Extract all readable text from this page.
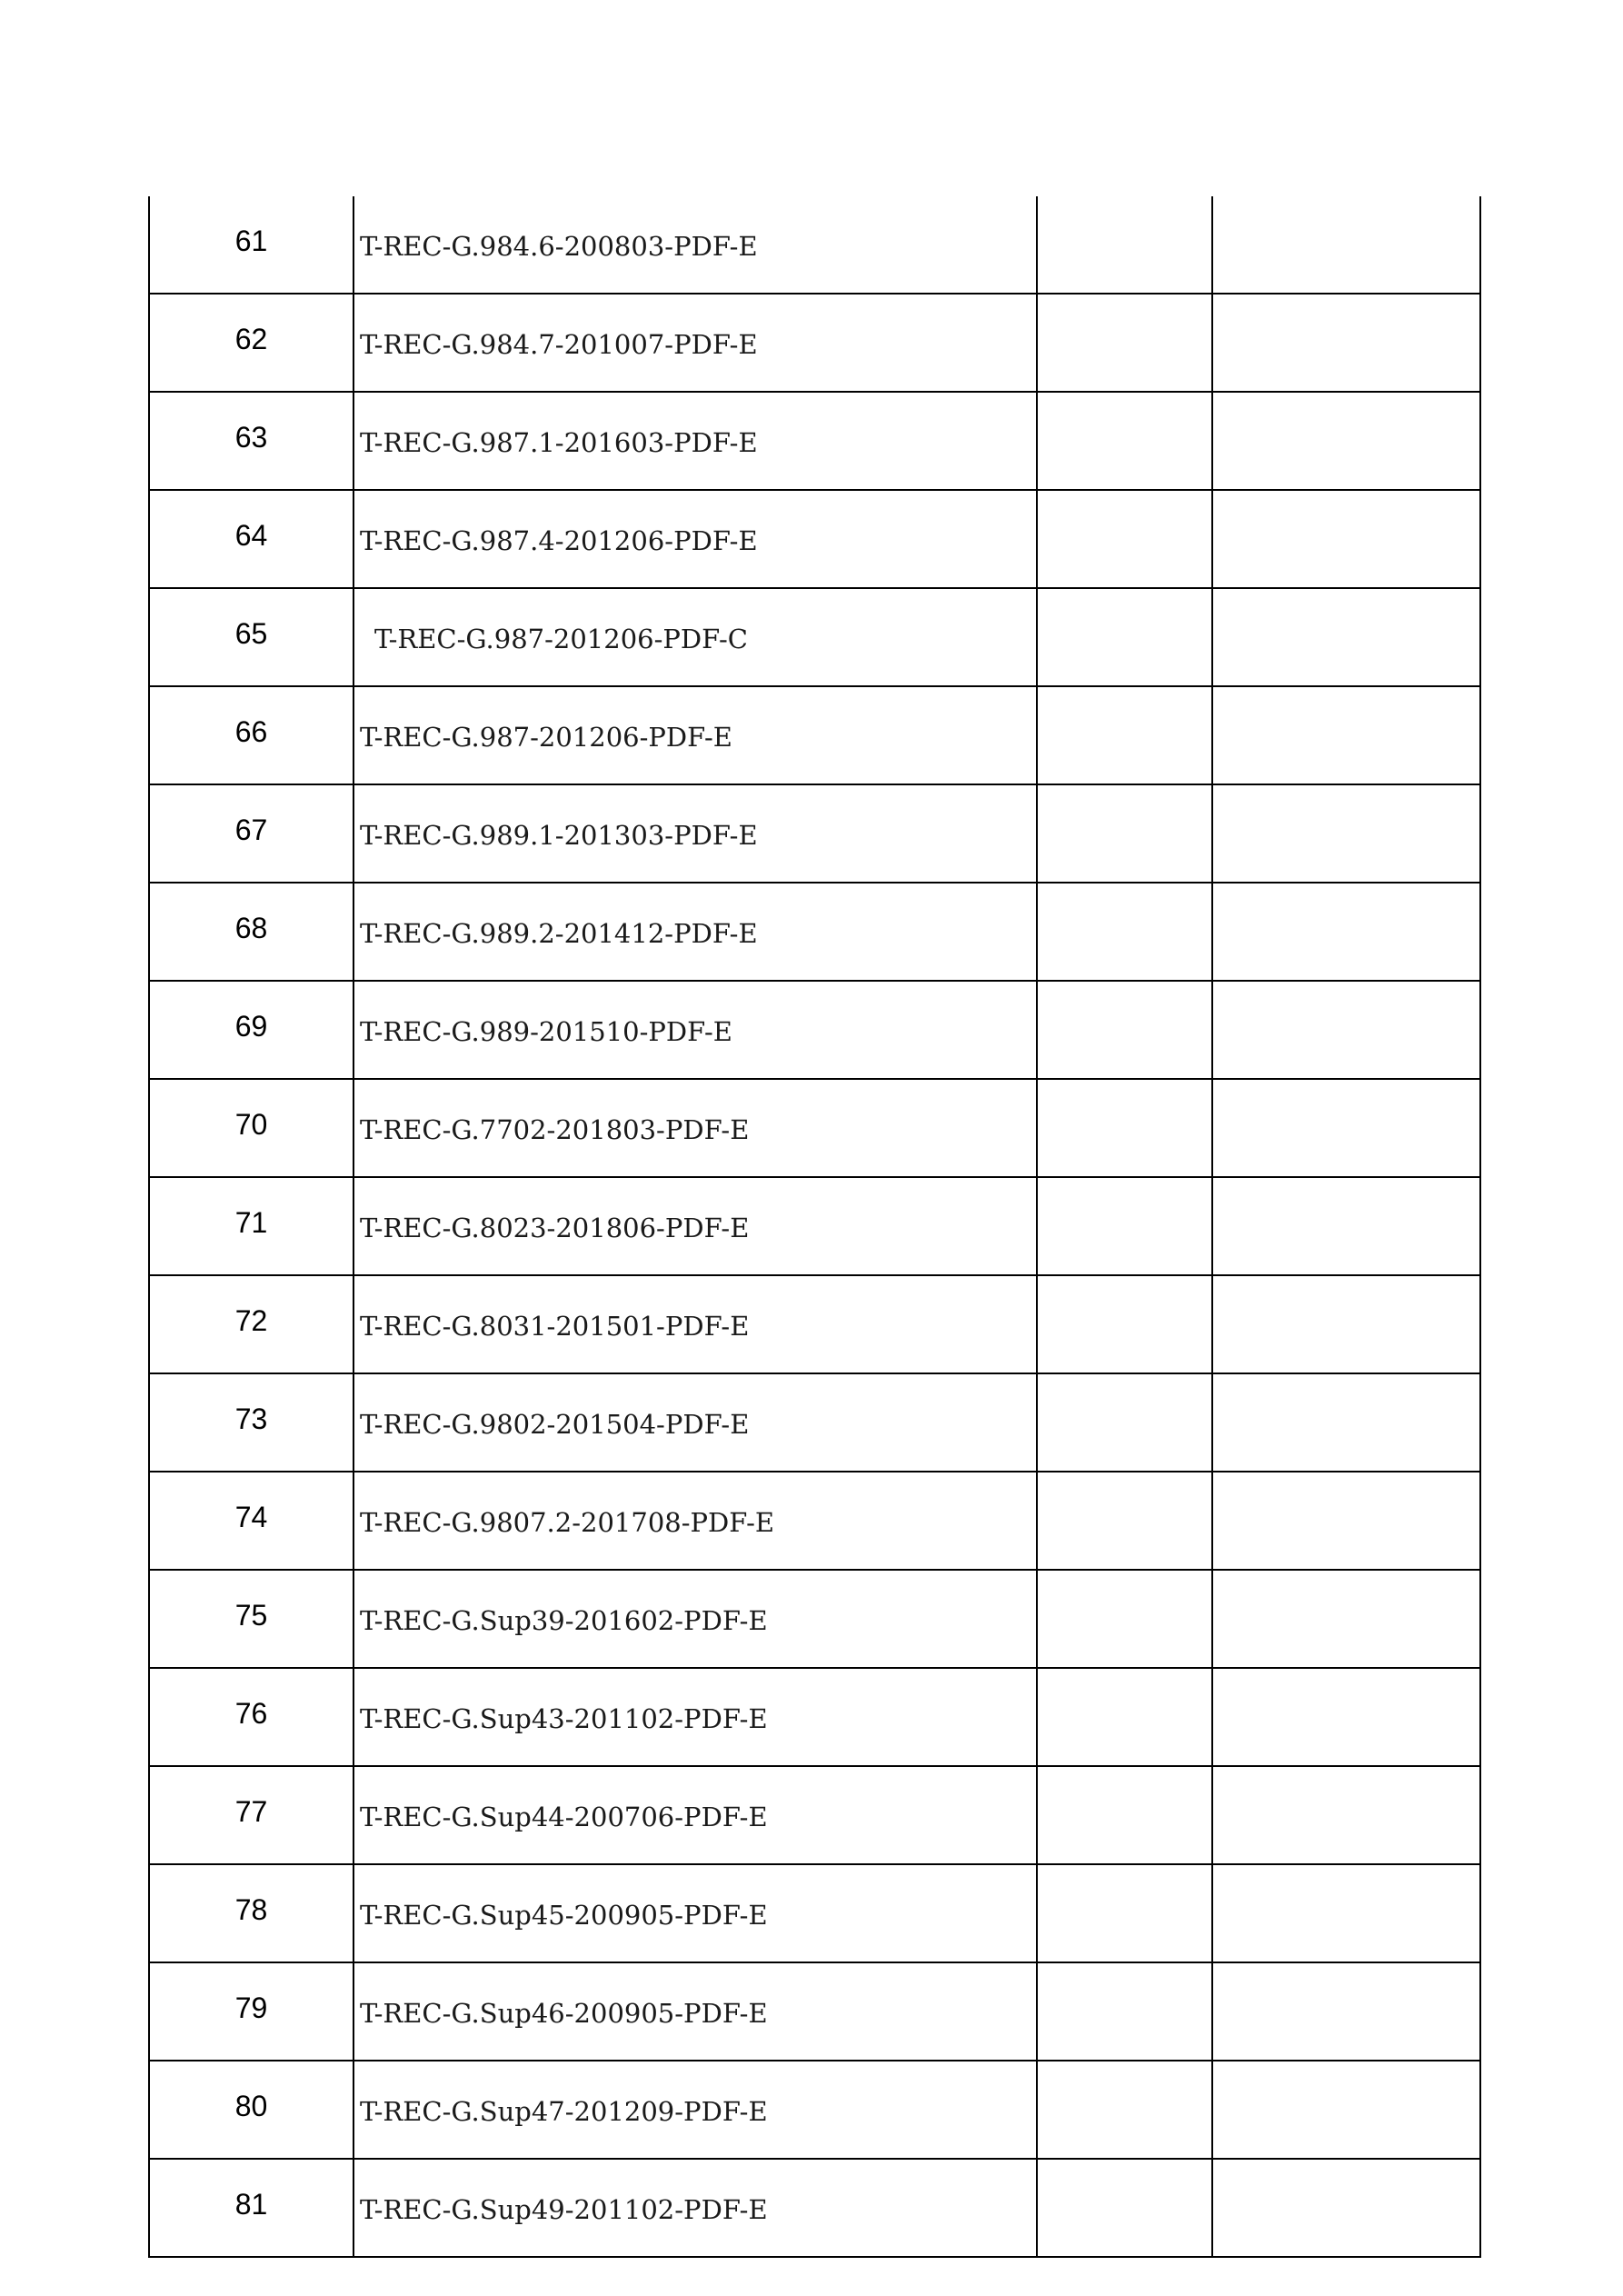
61	T-REC-G.984.6-200803-PDF-E		
62	T-REC-G.984.7-201007-PDF-E		
63	T-REC-G.987.1-201603-PDF-E		
64	T-REC-G.987.4-201206-PDF-E		
65	T-REC-G.987-201206-PDF-C		
66	T-REC-G.987-201206-PDF-E		
67	T-REC-G.989.1-201303-PDF-E		
68	T-REC-G.989.2-201412-PDF-E		
69	T-REC-G.989-201510-PDF-E		
70	T-REC-G.7702-201803-PDF-E		
71	T-REC-G.8023-201806-PDF-E		
72	T-REC-G.8031-201501-PDF-E		
73	T-REC-G.9802-201504-PDF-E		
74	T-REC-G.9807.2-201708-PDF-E		
75	T-REC-G.Sup39-201602-PDF-E		
76	T-REC-G.Sup43-201102-PDF-E		
77	T-REC-G.Sup44-200706-PDF-E		
78	T-REC-G.Sup45-200905-PDF-E		
79	T-REC-G.Sup46-200905-PDF-E		
80	T-REC-G.Sup47-201209-PDF-E		
81	T-REC-G.Sup49-201102-PDF-E		
